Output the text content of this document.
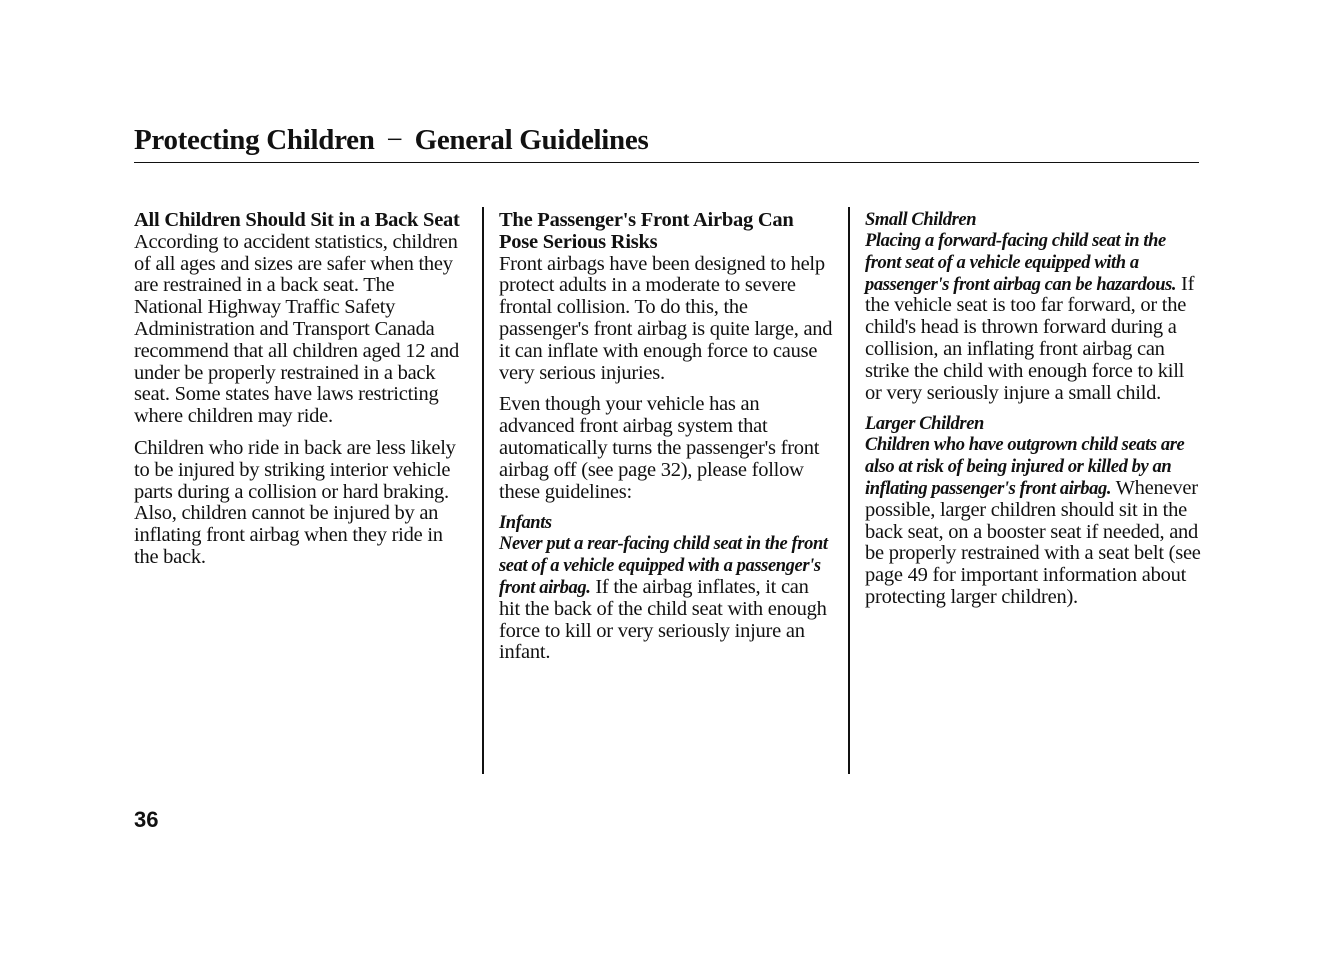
Protecting Children − General Guidelines

All Children Should Sit in a Back Seat
According to accident statistics, children of all ages and sizes are safer when they are restrained in a back seat. The National Highway Traffic Safety Administration and Transport Canada recommend that all children aged 12 and under be properly restrained in a back seat. Some states have laws restricting where children may ride.

Children who ride in back are less likely to be injured by striking interior vehicle parts during a collision or hard braking. Also, children cannot be injured by an inflating front airbag when they ride in the back.

The Passenger's Front Airbag Can Pose Serious Risks
Front airbags have been designed to help protect adults in a moderate to severe frontal collision. To do this, the passenger's front airbag is quite large, and it can inflate with enough force to cause very serious injuries.

Even though your vehicle has an advanced front airbag system that automatically turns the passenger's front airbag off (see page 32), please follow these guidelines:

Infants
Never put a rear-facing child seat in the front seat of a vehicle equipped with a passenger's front airbag. If the airbag inflates, it can hit the back of the child seat with enough force to kill or very seriously injure an infant.

Small Children
Placing a forward-facing child seat in the front seat of a vehicle equipped with a passenger's front airbag can be hazardous. If the vehicle seat is too far forward, or the child's head is thrown forward during a collision, an inflating front airbag can strike the child with enough force to kill or very seriously injure a small child.

Larger Children
Children who have outgrown child seats are also at risk of being injured or killed by an inflating passenger's front airbag. Whenever possible, larger children should sit in the back seat, on a booster seat if needed, and be properly restrained with a seat belt (see page 49 for important information about protecting larger children).

36
